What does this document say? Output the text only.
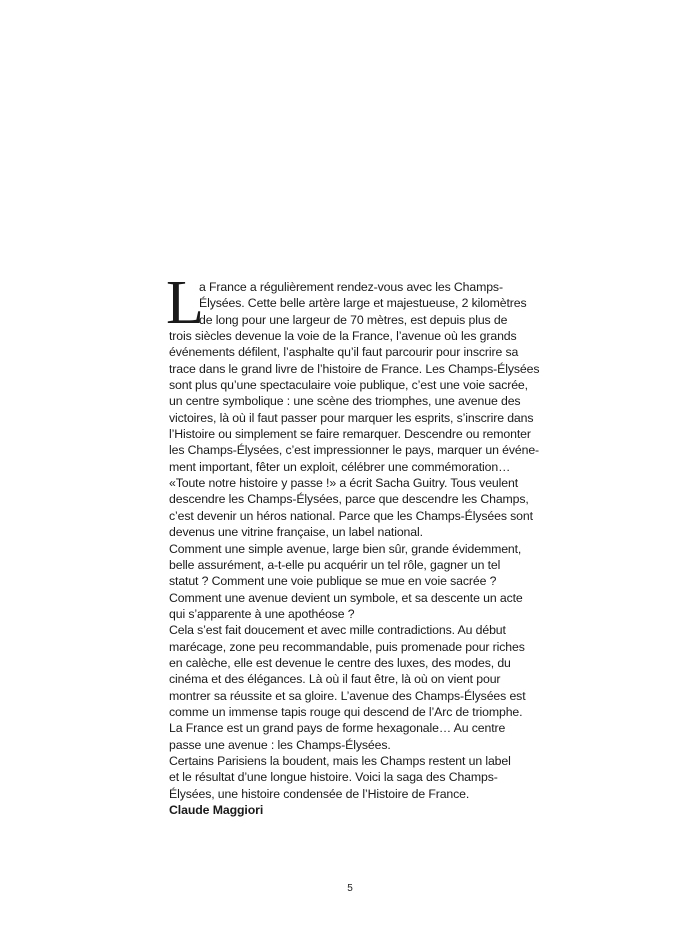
L
a France a régulièrement rendez-vous avec les Champs-
Élysées. Cette belle artère large et majestueuse, 2 kilomètres
de long pour une largeur de 70 mètres, est depuis plus de
trois siècles devenue la voie de la France, l’avenue où les grands
événements défilent, l’asphalte qu’il faut parcourir pour inscrire sa
trace dans le grand livre de l’histoire de France. Les Champs-Élysées
sont plus qu’une spectaculaire voie publique, c’est une voie sacrée,
un centre symbolique : une scène des triomphes, une avenue des
victoires, là où il faut passer pour marquer les esprits, s’inscrire dans
l’Histoire ou simplement se faire remarquer. Descendre ou remonter
les Champs-Élysées, c’est impressionner le pays, marquer un événe-
ment important, fêter un exploit, célébrer une commémoration…
«Toute notre histoire y passe !» a écrit Sacha Guitry. Tous veulent
descendre les Champs-Élysées, parce que descendre les Champs,
c’est devenir un héros national. Parce que les Champs-Élysées sont
devenus une vitrine française, un label national.
Comment une simple avenue, large bien sûr, grande évidemment,
belle assurément, a-t-elle pu acquérir un tel rôle, gagner un tel
statut ? Comment une voie publique se mue en voie sacrée ?
Comment une avenue devient un symbole, et sa descente un acte
qui s’apparente à une apothéose ?
Cela s’est fait doucement et avec mille contradictions. Au début
marécage, zone peu recommandable, puis promenade pour riches
en calèche, elle est devenue le centre des luxes, des modes, du
cinéma et des élégances. Là où il faut être, là où on vient pour
montrer sa réussite et sa gloire. L’avenue des Champs-Élysées est
comme un immense tapis rouge qui descend de l’Arc de triomphe.
La France est un grand pays de forme hexagonale… Au centre
passe une avenue : les Champs-Élysées.
Certains Parisiens la boudent, mais les Champs restent un label
et le résultat d’une longue histoire. Voici la saga des Champs-
Élysées, une histoire condensée de l’Histoire de France.
Claude Maggiori
5
